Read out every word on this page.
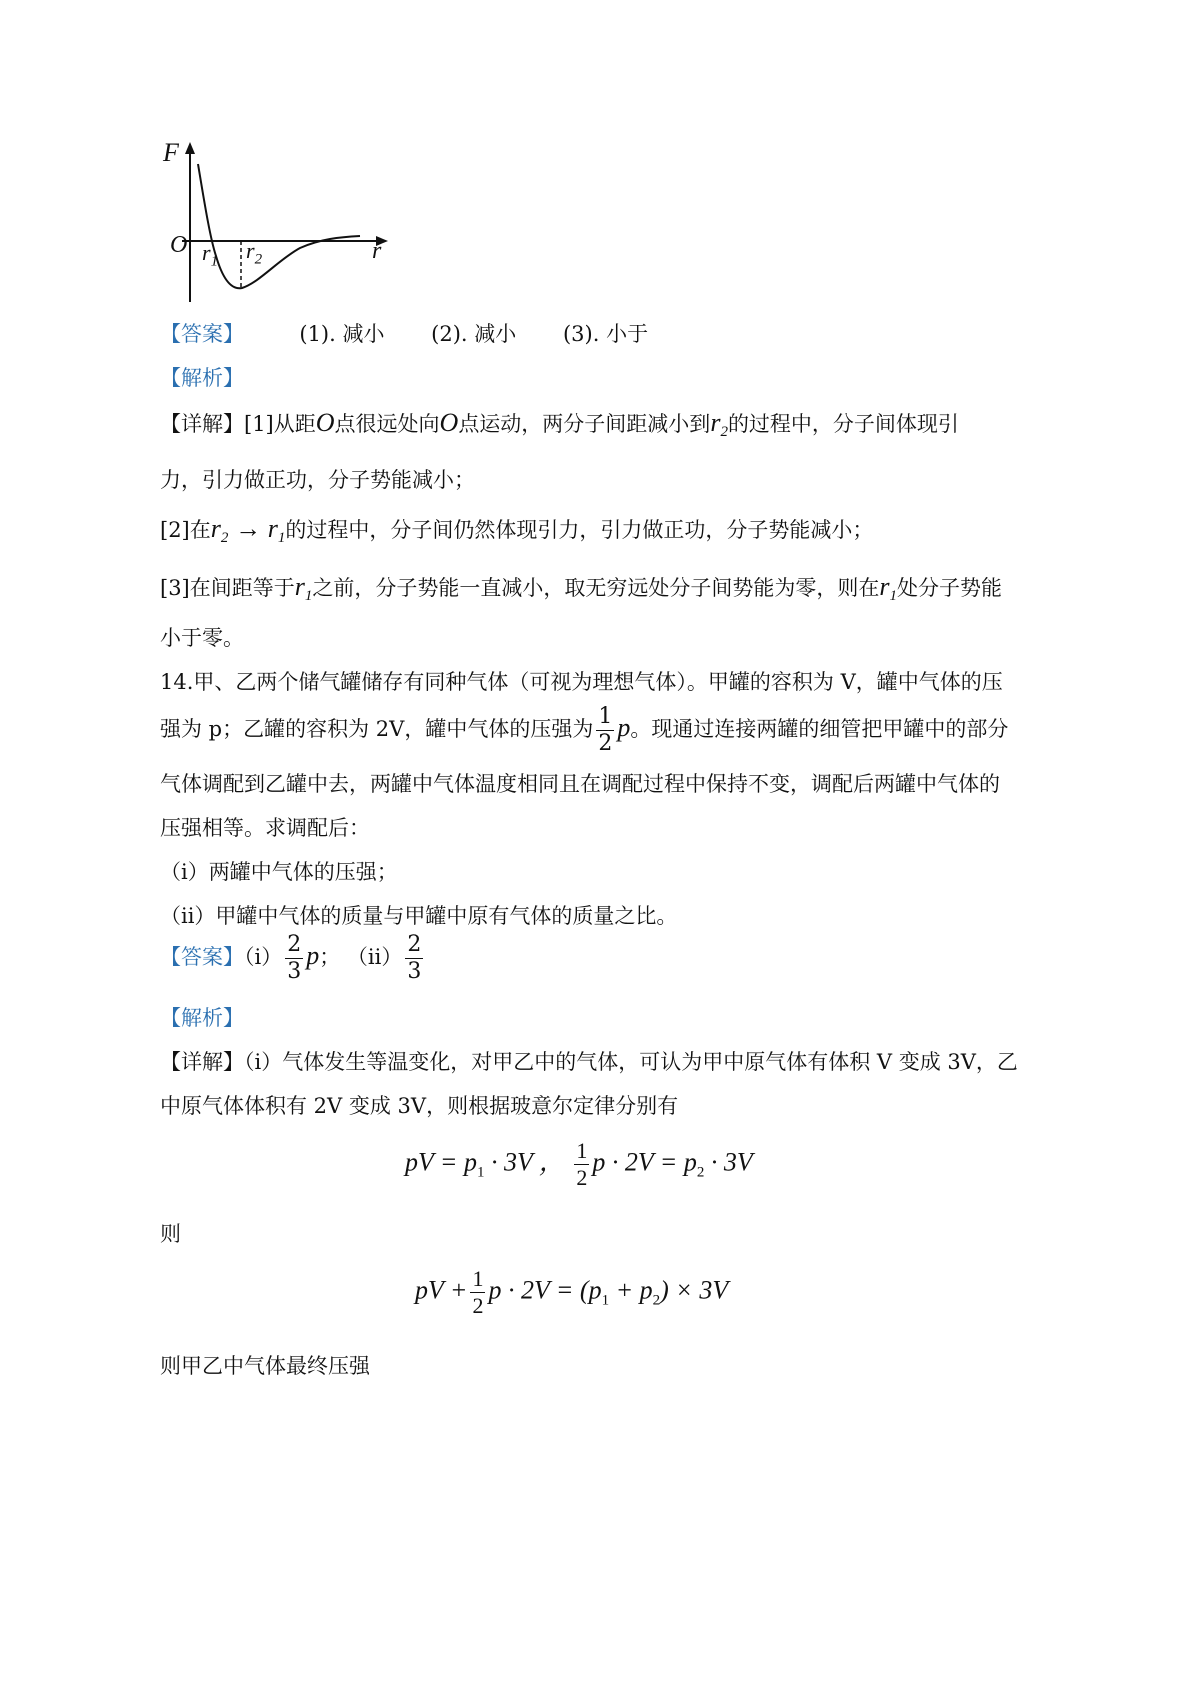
F
O	r
$r_1$ $r_2$
【答案】	(1). 减小 (2). 减小 (3). 小于
【解析】
【详解】[1]从距O点很远处向O点运动，两分子间距减小到$r_2$的过程中，分子间体现引
力，引力做正功，分子势能减小；
[2]在$r_2 \to r_1$的过程中，分子间仍然体现引力，引力做正功，分子势能减小；
[3]在间距等于$r_1$之前，分子势能一直减小，取无穷远处分子间势能为零，则在$r_1$处分子势能
小于零。
14.甲、乙两个储气罐储存有同种气体（可视为理想气体）。甲罐的容积为 V，罐中气体的压
强为 p；乙罐的容积为 2V，罐中气体的压强为 $\frac{1}{2}$ p。现通过连接两罐的细管把甲罐中的部分
气体调配到乙罐中去，两罐中气体温度相同且在调配过程中保持不变，调配后两罐中气体的
压强相等。求调配后：
（i）两罐中气体的压强；
（ii）甲罐中气体的质量与甲罐中原有气体的质量之比。
【答案】$(i) \frac{2}{3}$ p； $(ii) \frac{2}{3}$
【解析】
【详解】（i）气体发生等温变化，对甲乙中的气体，可认为甲中原气体有体积 V 变成 3V，乙
中原气体体积有 2V 变成 3V，则根据玻意尔定律分别有
pV = $p_1 \cdot 3V$ ， $\frac{1}{2}$ $p \cdot 2V = p_2 \cdot 3V$
则
pV + $\frac{1}{2}$ $p \cdot 2V = (p_1 + p_2) \times 3V$
则甲乙中气体最终压强
